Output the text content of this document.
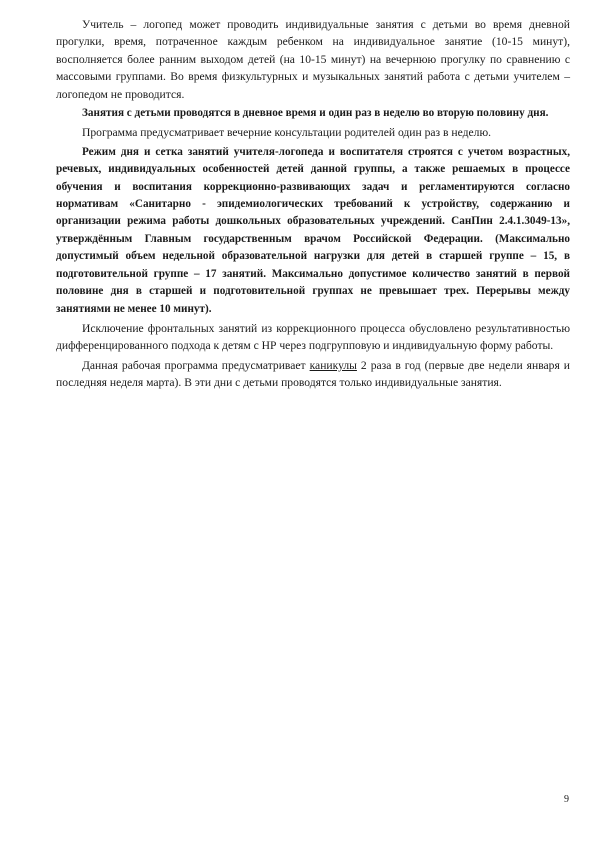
Учитель – логопед может проводить индивидуальные занятия с детьми во время дневной прогулки, время, потраченное каждым ребенком на индивидуальное занятие (10-15 минут), восполняется более ранним выходом детей (на 10-15 минут) на вечернюю прогулку по сравнению с массовыми группами. Во время физкультурных и музыкальных занятий работа с детьми учителем – логопедом не проводится.

Занятия с детьми проводятся в дневное время и один раз в неделю во вторую половину дня.

Программа предусматривает вечерние консультации родителей один раз в неделю.

Режим дня и сетка занятий учителя-логопеда и воспитателя строятся с учетом возрастных, речевых, индивидуальных особенностей детей данной группы, а также решаемых в процессе обучения и воспитания коррекционно-развивающих задач и регламентируются согласно нормативам «Санитарно - эпидемиологических требований к устройству, содержанию и организации режима работы дошкольных образовательных учреждений. СанПин 2.4.1.3049-13», утверждённым Главным государственным врачом Российской Федерации. (Максимально допустимый объем недельной образовательной нагрузки для детей в старшей группе – 15, в подготовительной группе – 17 занятий. Максимально допустимое количество занятий в первой половине дня в старшей и подготовительной группах не превышает трех. Перерывы между занятиями не менее 10 минут).

Исключение фронтальных занятий из коррекционного процесса обусловлено результативностью дифференцированного подхода к детям с НР через подгрупповую и индивидуальную форму работы.

Данная рабочая программа предусматривает каникулы 2 раза в год (первые две недели января и последняя неделя марта). В эти дни с детьми проводятся только индивидуальные занятия.

9
